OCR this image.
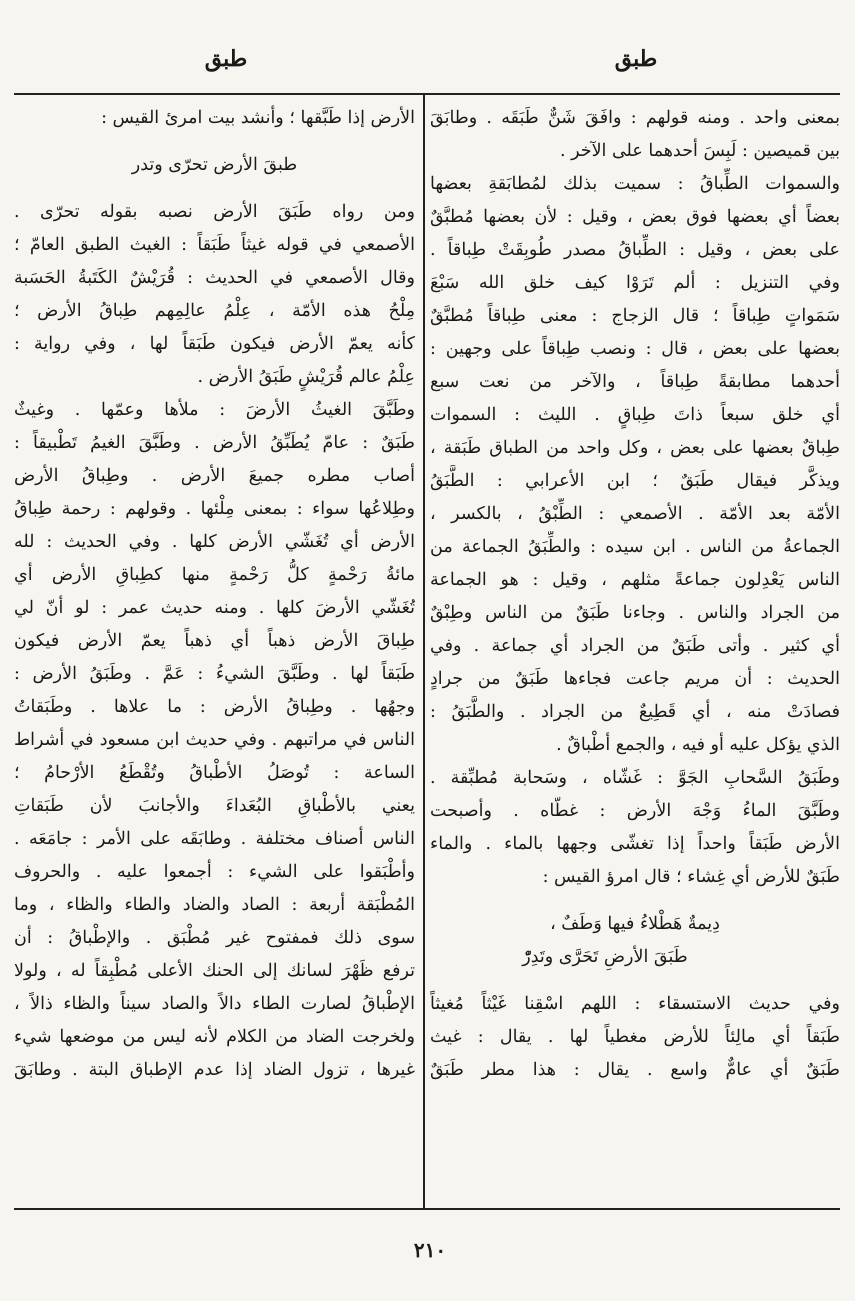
طبق
طبق
بمعنى واحد . ومنه قولهم : وافَقَ شَنٌّ طَبَقَه . وطابَقَ
بين قميصين : لَبِسَ أحدهما على الآخر .
والسموات الطِّباقُ : سميت بذلك لمُطابَقةِ بعضها
بعضاً أي بعضها فوق بعض ، وقيل : لأن بعضها مُطبَّقٌ
على بعض ، وقيل : الطِّباقُ مصدر طُوبِقَتْ طِباقاً .
وفي التنزيل : ألم تَرَوْا كيف خلق الله سَبْعَ
سَمَواتٍ طِباقاً ؛ قال الزجاج : معنى طِباقاً مُطبَّقٌ
بعضها على بعض ، قال : ونصب طِباقاً على وجهين :
أحدهما مطابقةً طِباقاً ، والآخر من نعت سبع
أي خلق سبعاً ذاتَ طِباقٍ . الليث : السموات
طِباقٌ بعضها على بعض ، وكل واحد من الطباق طَبَقة ،
ويذكَّر فيقال طَبَقٌ ؛ ابن الأعرابي : الطَّبَقُ
الأمّة بعد الأمّة . الأصمعي : الطِّبْقُ ، بالكسر ،
الجماعةُ من الناس . ابن سيده : والطِّبَقُ الجماعة من
الناس يَعْدِلون جماعةً مثلهم ، وقيل : هو الجماعة
من الجراد والناس . وجاءنا طَبَقٌ من الناس وطِبْقٌ
أي كثير . وأتى طَبَقٌ من الجراد أي جماعة . وفي
الحديث : أن مريم جاعت فجاءها طَبَقٌ من جرادٍ
فصادَتْ منه ، أي قَطِيعٌ من الجراد . والطَّبَقُ :
الذي يؤكل عليه أو فيه ، والجمع أطْباقٌ .
وطَبَقُ السَّحابِ الجَوَّ : غَشّاه ، وسَحابة مُطبِّقة .
وطَبَّقَ الماءُ وَجْهَ الأرض : غطّاه . وأصبحت
الأرض طَبَقاً واحداً إذا تغشّى وجهها بالماء . والماء
طَبَقٌ للأرض أي غِشاء ؛ قال امرؤ القيس :
دِيمةٌ هَطْلاءُ فيها وَطَفٌ ،
طَبَقَ الأرضِ تَحَرَّى وتَدِرّْ
وفي حديث الاستسقاء : اللهم اسْقِنا غَيْثاً مُغيثاً
طَبَقاً أي مالِئاً للأرض مغطياً لها . يقال : غيث
طَبَقٌ أي عامٌّ واسع . يقال : هذا مطر طَبَقٌ
الأرض إذا طَبَّقها ؛ وأنشد بيت امرئ القيس :
طبقَ الأرض تحرّى وتدر
ومن رواه طَبَقَ الأرض نصبه بقوله تحرّى .
الأصمعي في قوله غيثاً طَبَقاً : الغيث الطبق العامّ ؛
وقال الأصمعي في الحديث : قُرَيْشٌ الكَتَبةُ الحَسَبة
مِلْحُ هذه الأمّة ، عِلْمُ عالِمِهم طِباقُ الأرض ؛
كأنه يعمّ الأرض فيكون طَبَقاً لها ، وفي رواية :
عِلْمُ عالم قُرَيْشٍ طَبَقُ الأرض .
وطَبَّقَ الغيثُ الأرضَ : ملأها وعمّها . وغيثٌ
طَبَقٌ : عامّ يُطَبِّقُ الأرض . وطَبَّقَ الغيمُ تَطْبيقاً :
أصاب مطره جميعَ الأرض . وطِباقُ الأرض
وطِلاعُها سواء : بمعنى مِلْئها . وقولهم : رحمة طِباقُ
الأرض أي تُغَشّي الأرض كلها . وفي الحديث : لله
مائةُ رَحْمةٍ كلُّ رَحْمةٍ منها كطِباقِ الأرض أي
تُغَشّي الأرضَ كلها . ومنه حديث عمر : لو أنّ لي
طِباقَ الأرض ذهباً أي ذهباً يعمّ الأرض فيكون
طَبَقاً لها . وطَبَّقَ الشيءُ : عَمَّ . وطَبَقُ الأرض :
وجهُها . وطِباقُ الأرض : ما علاها . وطَبَقاتُ
الناس في مراتبهم . وفي حديث ابن مسعود في أشراط
الساعة : تُوصَلُ الأطْباقُ وتُقْطَعُ الأرْحامُ ؛
يعني بالأطْباقِ البُعَداءَ والأجانبَ لأن طَبَقاتِ
الناس أصناف مختلفة . وطابَقَه على الأمر : جامَعَه .
وأطْبَقوا على الشيء : أجمعوا عليه . والحروف
المُطْبَقة أربعة : الصاد والضاد والطاء والظاء ، وما
سوى ذلك فمفتوح غير مُطْبَق . والإطْباقُ : أن
ترفع ظَهْرَ لسانك إلى الحنك الأعلى مُطْبِقاً له ، ولولا
الإطْباقُ لصارت الطاء دالاً والصاد سيناً والظاء ذالاً ،
ولخرجت الضاد من الكلام لأنه ليس من موضعها شيء
غيرها ، تزول الضاد إذا عدم الإطباق البتة . وطابَقَ
٢١٠
